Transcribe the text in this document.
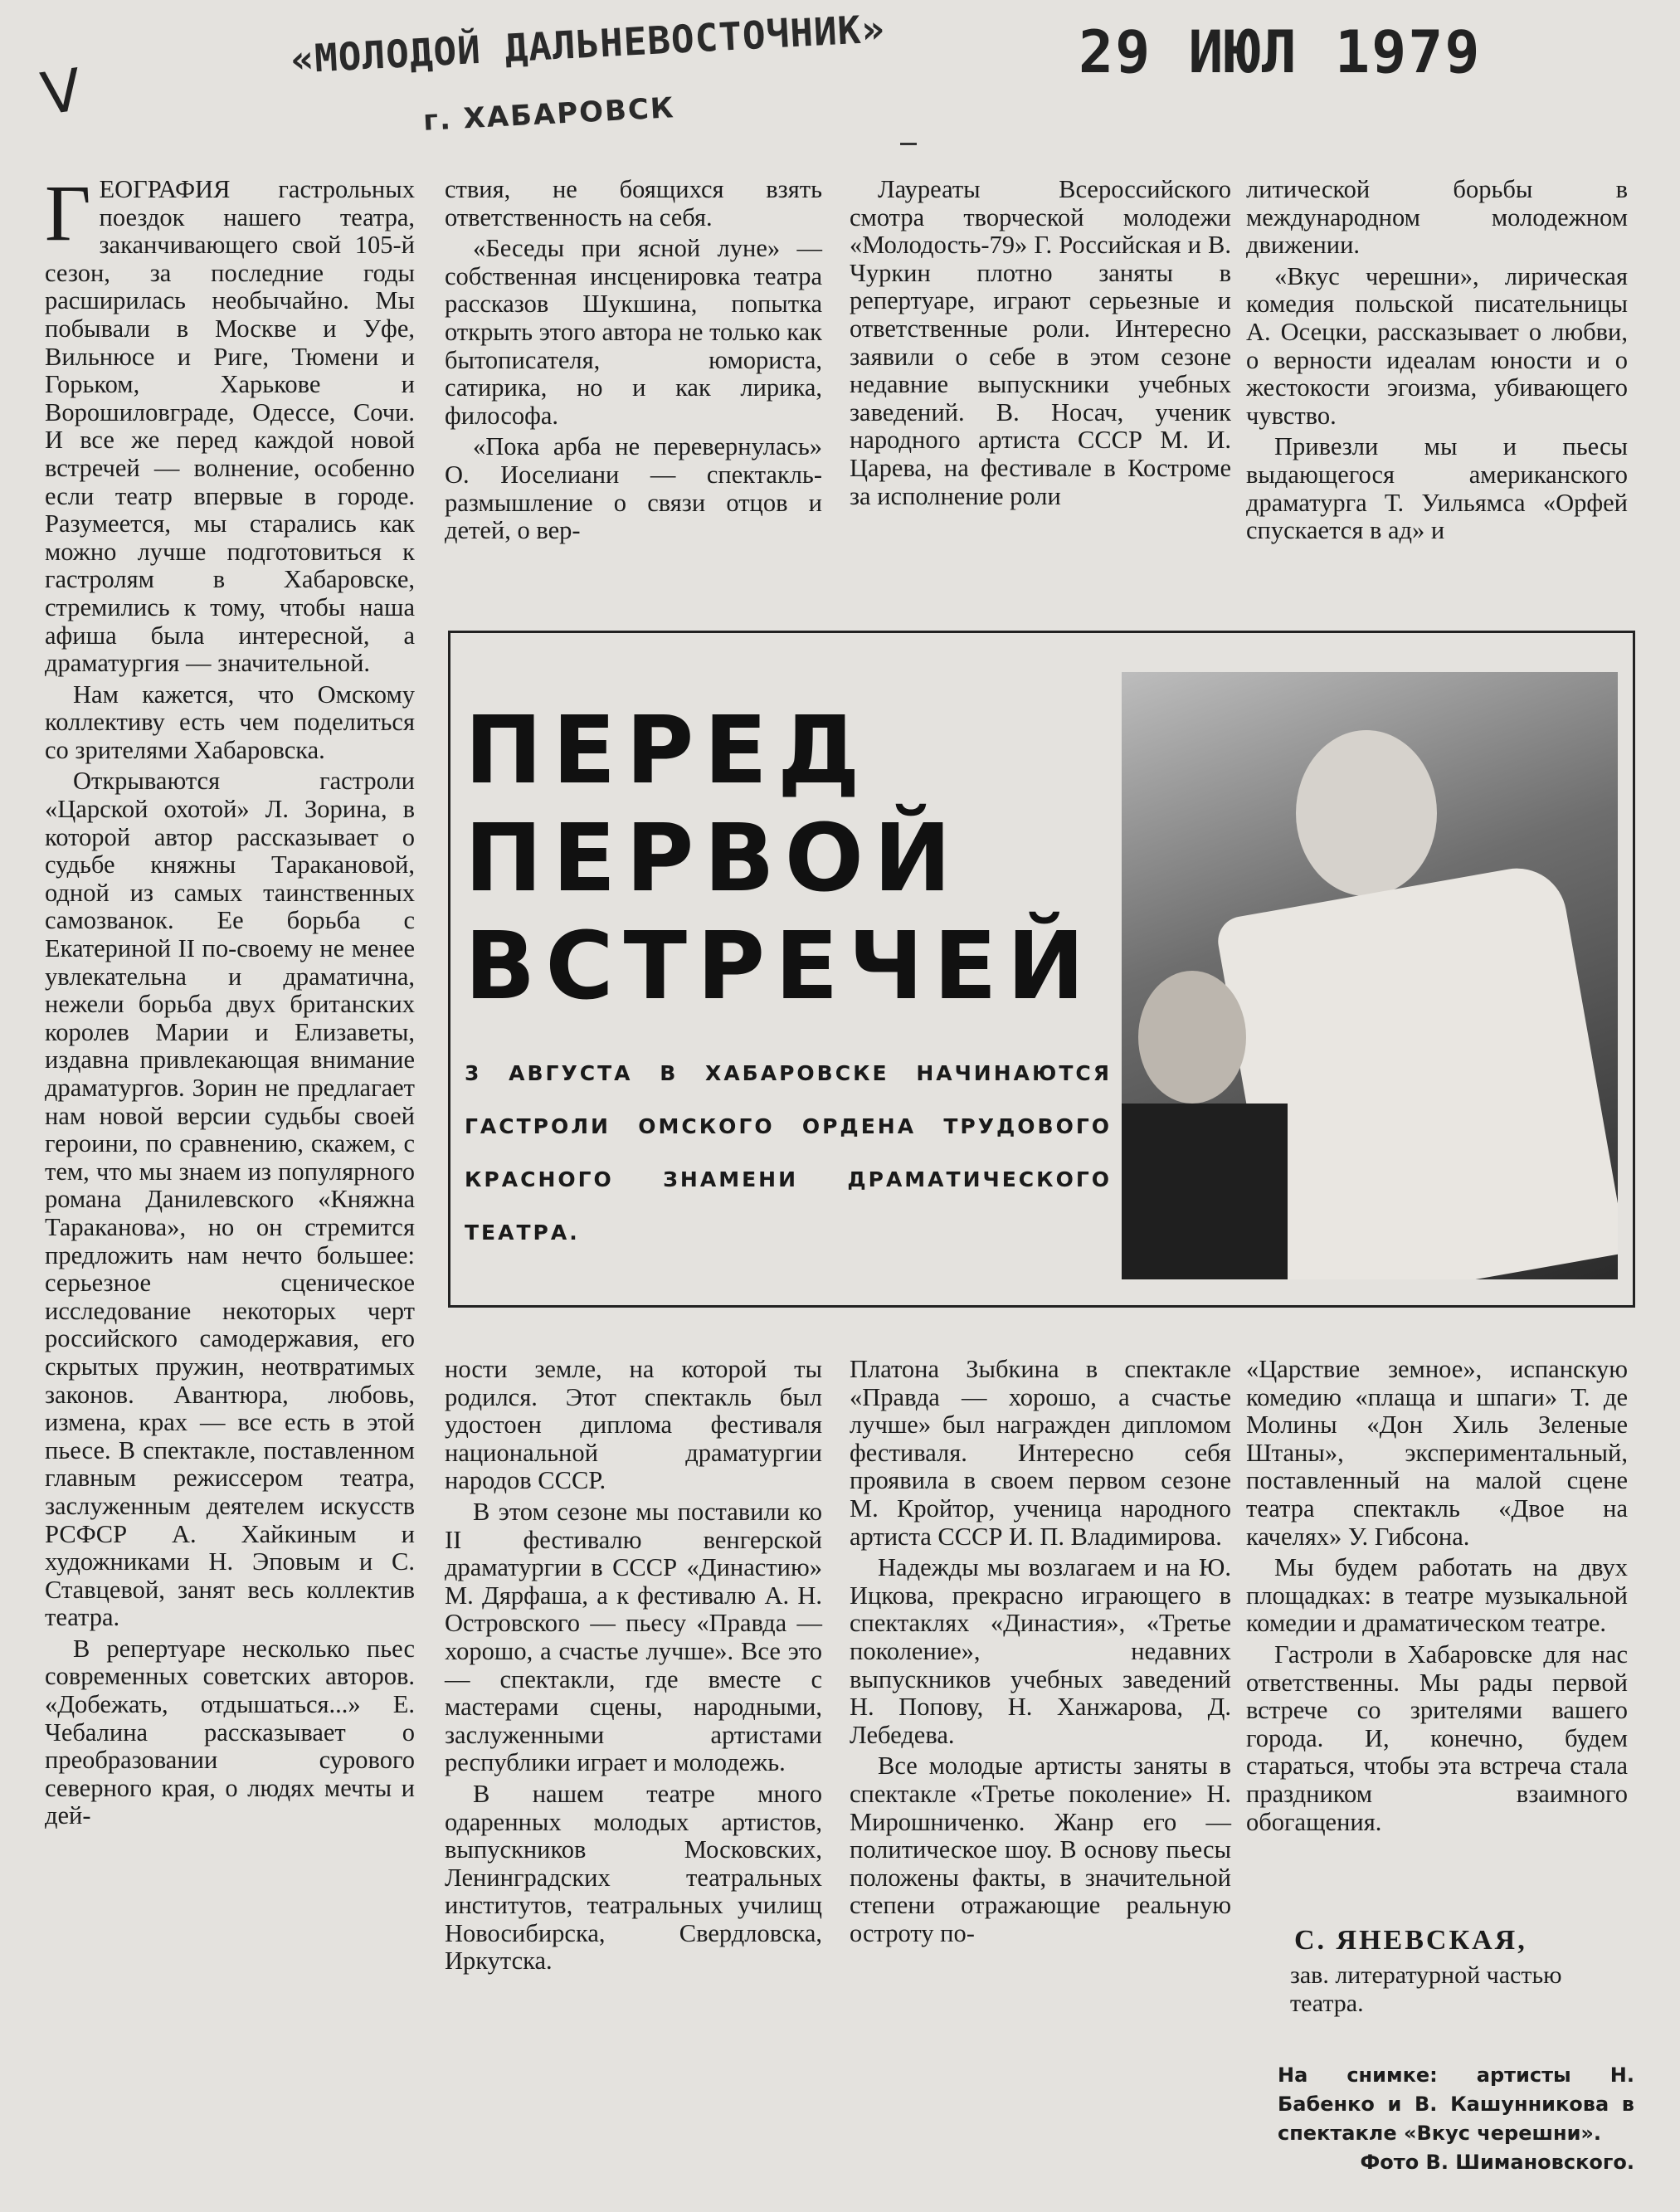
V
«МОЛОДОЙ ДАЛЬНЕВОСТОЧНИК»
г. ХАБАРОВСК
29 ИЮЛ 1979

ГЕОГРАФИЯ гастрольных поездок нашего театра, заканчивающего свой 105-й сезон, за последние годы расширилась необычайно. Мы побывали в Москве и Уфе, Вильнюсе и Риге, Тюмени и Горьком, Харькове и Ворошиловграде, Одессе, Сочи. И все же перед каждой новой встречей — волнение, особенно если театр впервые в городе. Разумеется, мы старались как можно лучше подготовиться к гастролям в Хабаровске, стремились к тому, чтобы наша афиша была интересной, а драматургия — значительной.

Нам кажется, что Омскому коллективу есть чем поделиться со зрителями Хабаровска.

Открываются гастроли «Царской охотой» Л. Зорина, в которой автор рассказывает о судьбе княжны Таракановой, одной из самых таинственных самозванок. Ее борьба с Екатериной II по-своему не менее увлекательна и драматична, нежели борьба двух британских королев Марии и Елизаветы, издавна привлекающая внимание драматургов. Зорин не предлагает нам новой версии судьбы своей героини, по сравнению, скажем, с тем, что мы знаем из популярного романа Данилевского «Княжна Тараканова», но он стремится предложить нам нечто большее: серьезное сценическое исследование некоторых черт российского самодержавия, его скрытых пружин, неотвратимых законов. Авантюра, любовь, измена, крах — все есть в этой пьесе. В спектакле, поставленном главным режиссером театра, заслуженным деятелем искусств РСФСР А. Хайкиным и художниками Н. Эповым и С. Ставцевой, занят весь коллектив театра.

В репертуаре несколько пьес современных советских авторов. «Добежать, отдышаться...» Е. Чебалина рассказывает о преобразовании сурового северного края, о людях мечты и дей-

ствия, не боящихся взять ответственность на себя.

«Беседы при ясной луне» — собственная инсценировка театра рассказов Шукшина, попытка открыть этого автора не только как бытописателя, юмориста, сатирика, но и как лирика, философа.

«Пока арба не перевернулась» О. Иоселиани — спектакль-размышление о связи отцов и детей, о вер-

Лауреаты Всероссийского смотра творческой молодежи «Молодость-79» Г. Российская и В. Чуркин плотно заняты в репертуаре, играют серьезные и ответственные роли. Интересно заявили о себе в этом сезоне недавние выпускники учебных заведений. В. Носач, ученик народного артиста СССР М. И. Царева, на фестивале в Костроме за исполнение роли

литической борьбы в международном молодежном движении.

«Вкус черешни», лирическая комедия польской писательницы А. Осецки, рассказывает о любви, о верности идеалам юности и о жестокости эгоизма, убивающего чувство.

Привезли мы и пьесы выдающегося американского драматурга Т. Уильямса «Орфей спускается в ад» и

ПЕРЕД
ПЕРВОЙ
ВСТРЕЧЕЙ
3 АВГУСТА В ХАБАРОВСКЕ НАЧИНАЮТСЯ ГАСТРОЛИ ОМСКОГО ОРДЕНА ТРУДОВОГО КРАСНОГО ЗНАМЕНИ ДРАМАТИЧЕСКОГО ТЕАТРА.

ности земле, на которой ты родился. Этот спектакль был удостоен диплома фестиваля национальной драматургии народов СССР.

В этом сезоне мы поставили ко II фестивалю венгерской драматургии в СССР «Династию» М. Дярфаша, а к фестивалю А. Н. Островского — пьесу «Правда — хорошо, а счастье лучше». Все это — спектакли, где вместе с мастерами сцены, народными, заслуженными артистами республики играет и молодежь.

В нашем театре много одаренных молодых артистов, выпускников Московских, Ленинградских театральных институтов, театральных училищ Новосибирска, Свердловска, Иркутска.

Платона Зыбкина в спектакле «Правда — хорошо, а счастье лучше» был награжден дипломом фестиваля. Интересно себя проявила в своем первом сезоне М. Кройтор, ученица народного артиста СССР И. П. Владимирова.

Надежды мы возлагаем и на Ю. Ицкова, прекрасно играющего в спектаклях «Династия», «Третье поколение», недавних выпускников учебных заведений Н. Попову, Н. Ханжарова, Д. Лебедева.

Все молодые артисты заняты в спектакле «Третье поколение» Н. Мирошниченко. Жанр его — политическое шоу. В основу пьесы положены факты, в значительной степени отражающие реальную остроту по-

«Царствие земное», испанскую комедию «плаща и шпаги» Т. де Молины «Дон Хиль Зеленые Штаны», экспериментальный, поставленный на малой сцене театра спектакль «Двое на качелях» У. Гибсона.

Мы будем работать на двух площадках: в театре музыкальной комедии и драматическом театре.

Гастроли в Хабаровске для нас ответственны. Мы рады первой встрече со зрителями вашего города. И, конечно, будем стараться, чтобы эта встреча стала праздником взаимного обогащения.

С. ЯНЕВСКАЯ,
зав. литературной частью театра.
На снимке: артисты Н. Бабенко и В. Кашунникова в спектакле «Вкус черешни».
Фото В. Шимановского.
